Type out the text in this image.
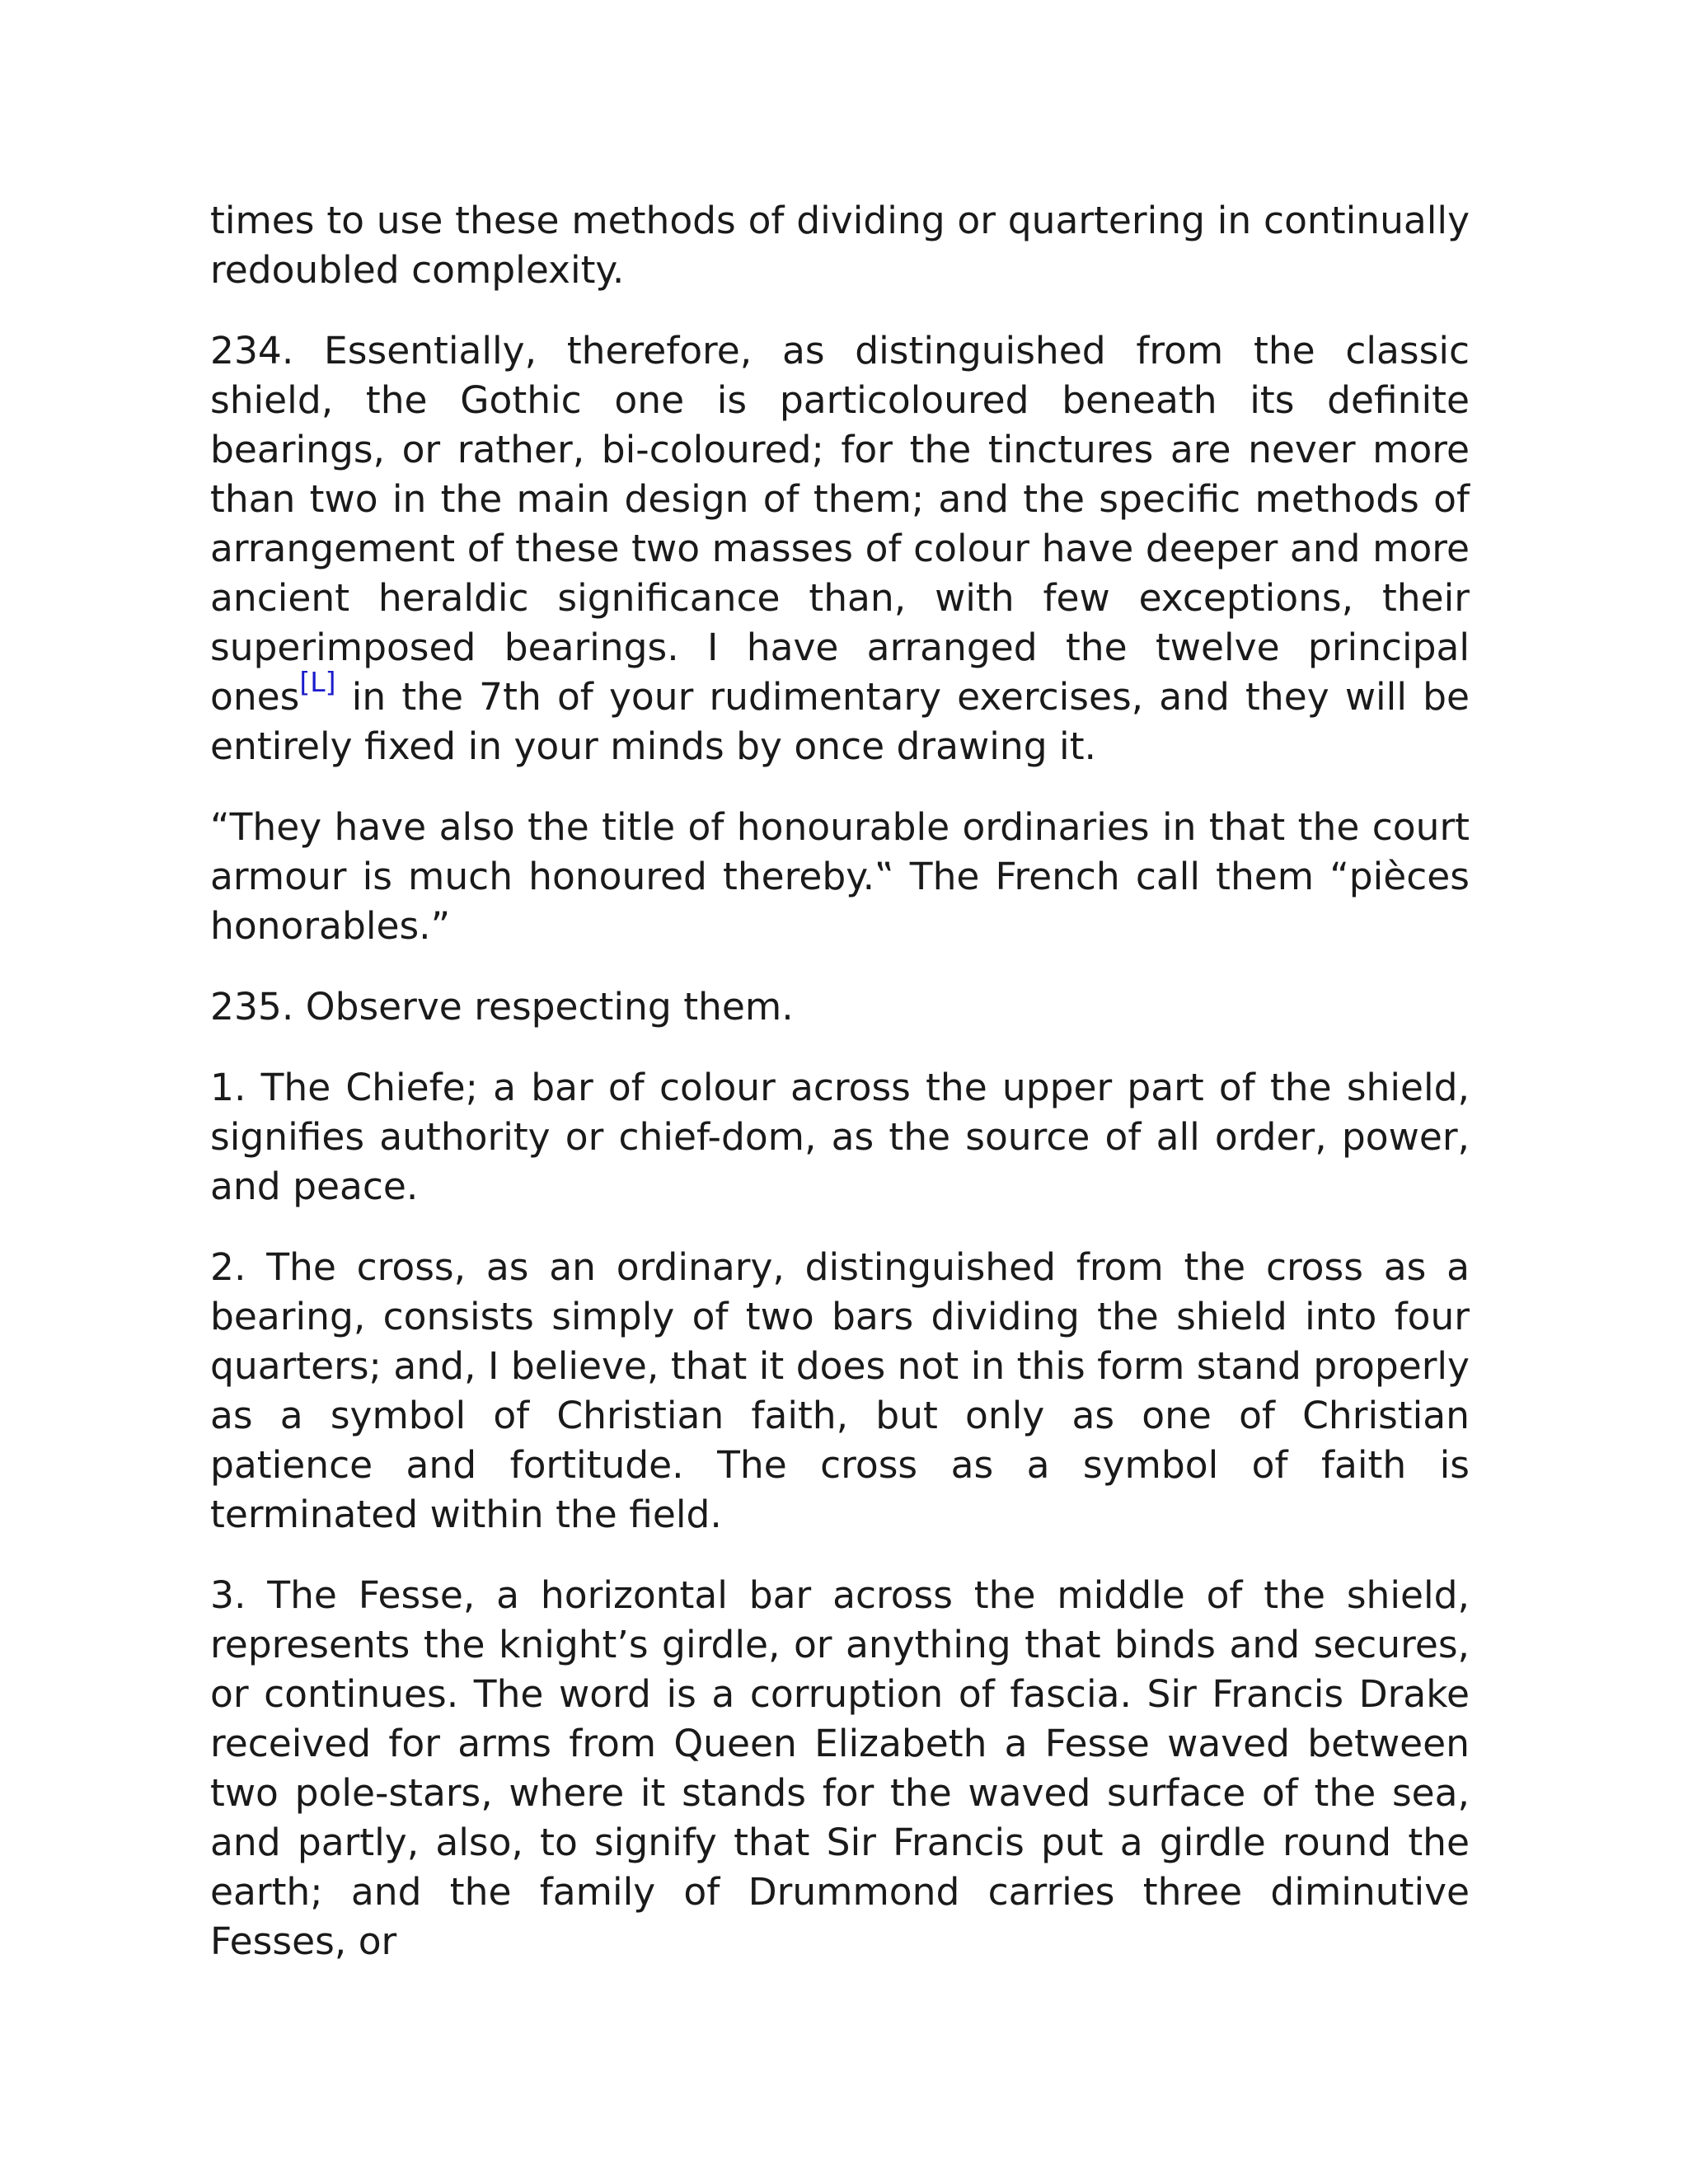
times to use these methods of dividing or quartering in continually redoubled complexity.

234. Essentially, therefore, as distinguished from the classic shield, the Gothic one is particoloured beneath its definite bearings, or rather, bi-coloured; for the tinctures are never more than two in the main design of them; and the specific methods of arrangement of these two masses of colour have deeper and more ancient heraldic significance than, with few exceptions, their superimposed bearings. I have arranged the twelve principal ones[L] in the 7th of your rudimentary exercises, and they will be entirely fixed in your minds by once drawing it.

“They have also the title of honourable ordinaries in that the court armour is much honoured thereby.‟ The French call them “pièces honorables.”

235. Observe respecting them.

1. The Chiefe; a bar of colour across the upper part of the shield, signifies authority or chief-dom, as the source of all order, power, and peace.

2. The cross, as an ordinary, distinguished from the cross as a bearing, consists simply of two bars dividing the shield into four quarters; and, I believe, that it does not in this form stand properly as a symbol of Christian faith, but only as one of Christian patience and fortitude. The cross as a symbol of faith is terminated within the field.

3. The Fesse, a horizontal bar across the middle of the shield, represents the knight’s girdle, or anything that binds and secures, or continues. The word is a corruption of fascia. Sir Francis Drake received for arms from Queen Elizabeth a Fesse waved between two pole-stars, where it stands for the waved surface of the sea, and partly, also, to signify that Sir Francis put a girdle round the earth; and the family of Drummond carries three diminutive Fesses, or
